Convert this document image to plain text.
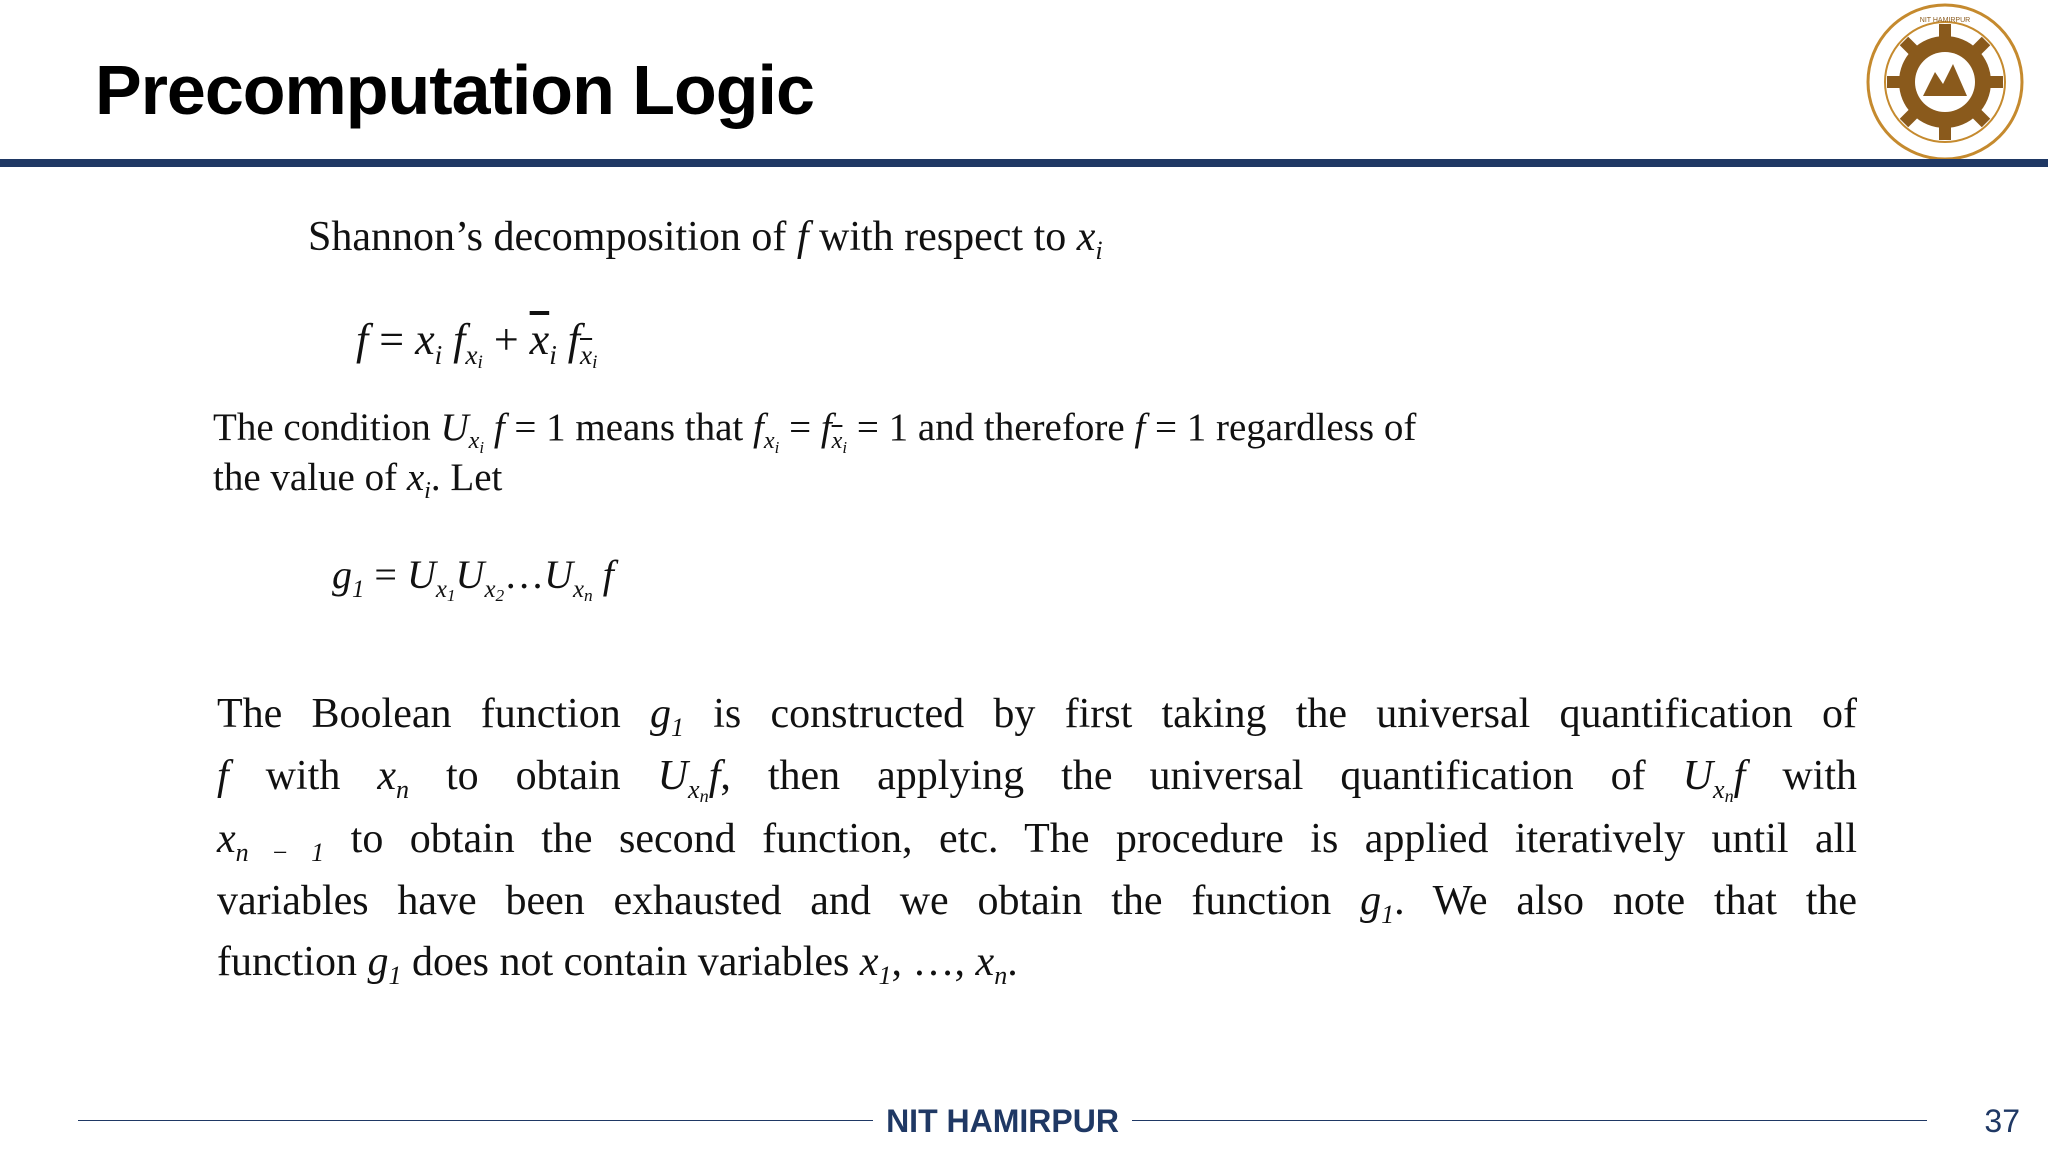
Precomputation Logic
NIT HAMIRPUR
Shannon’s decomposition of f with respect to $x_i$
$f = x_i$ $f_{xi} + \overline{x}_i$ $f_{\overline{x}i}$
The condition $U_{xi}$ f = 1 means that $f_{xi} = f_{\overline{x}i} = 1$ and therefore f = 1 regardless of
the value of $x_i$. Let
$g_1$ = $U_{x1}U_{x2}\dots U_{xn}$ f
The Boolean function $g_1$ is constructed by first taking the universal quantification of
f with $x_n$ to obtain $U_{xn}f$, then applying the universal quantification of $U_{xn}f$ with
$x_{n - 1}$ to obtain the second function, etc. The procedure is applied iteratively until all
variables have been exhausted and we obtain the function $g_1$. We also note that the
function $g_1$ does not contain variables $x_1$, …, $x_n$.
NIT HAMIRPUR	37
